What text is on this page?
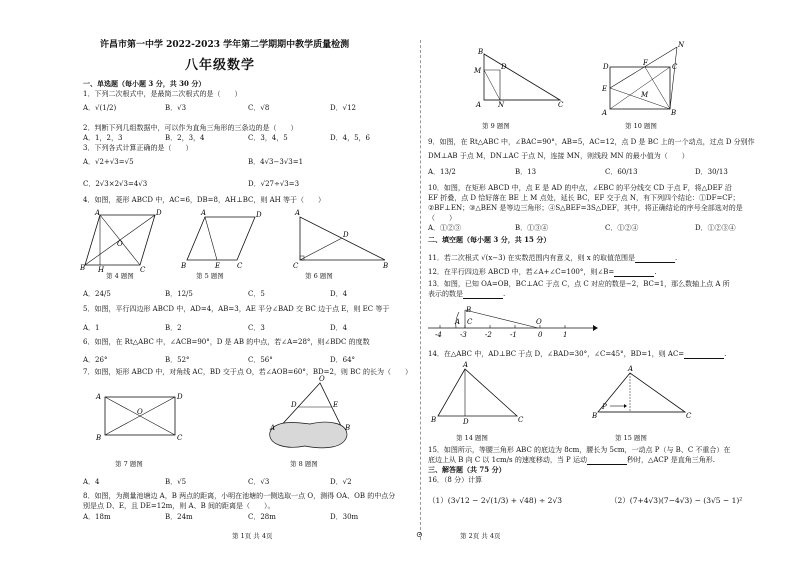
许昌市第一中学 2022-2023 学年第二学期期中教学质量检测
八年级数学
一、单选题（每小题 3 分，共 30 分）
1．下列二次根式中，是最简二次根式的是（　　）
A．√(1/2)	B．√3	C．√8	D．√12
2．判断下列几组数据中，可以作为直角三角形的三条边的是（　　）
A．1，2，3	B．2，3，4	C．3，4，5	D．4，5，6
3．下列各式计算正确的是（　　）
A．√2+√3=√5	B．4√3−3√3=1
C．2√3×2√3=4√3	D．√27÷√3=3
4．如图，菱形 ABCD 中，AC=6，DB=8，AH⊥BC，则 AH 等于（　　）
A	D
B H	C
O
第 4 题图
A	D
B	E C
第 5 题图
A
D
C	B
第 6 题图
A．24/5	B．12/5	C．5	D．4
5．如图，平行四边形 ABCD 中，AD=4，AB=3，AE 平分∠BAD 交 BC 边于点 E，则 EC 等于
A．1	B．2	C．3	D．4
6．如图，在 Rt△ABC 中，∠ACB=90°，D 是 AB 的中点，若∠A=28°，则∠BDC 的度数
A．26°	B．52°	C．56°	D．64°
7．如图，矩形 ABCD 中，对角线 AC，BD 交于点 O，若∠AOB=60°，BD=2，则 BC 的长为（　　）
A	D
O
B	C
第 7 题图
O
D	E
A	B
第 8 题图
A．4	B．√5	C．√3	D．√2
8．如图，为测量池塘边 A，B 两点的距离，小明在池塘的一侧选取一点 O，测得 OA、OB 的中点分
别是点 D、E，且 DE=12m，则 A、B 间的距离是（　　）。
A．18m	B．24m	C．28m	D．30m
第 1页 共 4页	⊙
B
M	D
A N	C
第 9 题图
N
D	F	C
E
M
A	B
第 10 题图
9．如图，在 Rt△ABC 中，∠BAC=90°，AB=5，AC=12，点 D 是 BC 上的一个动点，过点 D 分别作
DM⊥AB 于点 M，DN⊥AC 于点 N，连接 MN，则线段 MN 的最小值为（　　）
A．13/2	B．13	C．60/13	D．30/13
10．如图，在矩形 ABCD 中，点 E 是 AD 的中点，∠EBC 的平分线交 CD 于点 F，将△DEF 沿
EF 折叠，点 D 恰好落在 BE 上 M 点处，延长 BC，EF 交于点 N，有下列四个结论：①DF=CF；
②BF⊥EN；③△BEN 是等边三角形；④S△BEF=3S△DEF，其中，将正确结论的序号全部选对的是
（　　）
A．①②③	B．①③④	C．①②④	D．①②③④
二、填空题（每小题 3 分，共 15 分）
11．若二次根式 √(x−3) 在实数范围内有意义，则 x 的取值范围是	.
12．在平行四边形 ABCD 中，若∠A+∠C=100°，则∠B=	.
13．如图，已知 OA=OB，BC⊥AC 于点 C，点 C 对应的数是−2，BC=1，那么数轴上点 A 所
表示的数是	.
-4	-3	-2	-1	0	1
B
A C	O
14．在△ABC 中，AD⊥BC 于点 D，∠BAD=30°，∠C=45°，BD=1，则 AC=	.
A
B	D	C
第 14 题图
A
B
P
C
第 15 题图
15．如图所示，等腰三角形 ABC 的底边为 8cm，腰长为 5cm，一动点 P（与 B、C 不重合）在
底边上从 B 向 C 以 1cm/s 的速度移动，当 P 运动	秒时，△ACP 是直角三角形.
三、解答题（共 75 分）
16．（8 分）计算
（1）(3√12 − 2√(1/3) + √48) ÷ 2√3	（2）(7+4√3)(7−4√3) − (3√5 − 1)²
第 2页 共 4页
